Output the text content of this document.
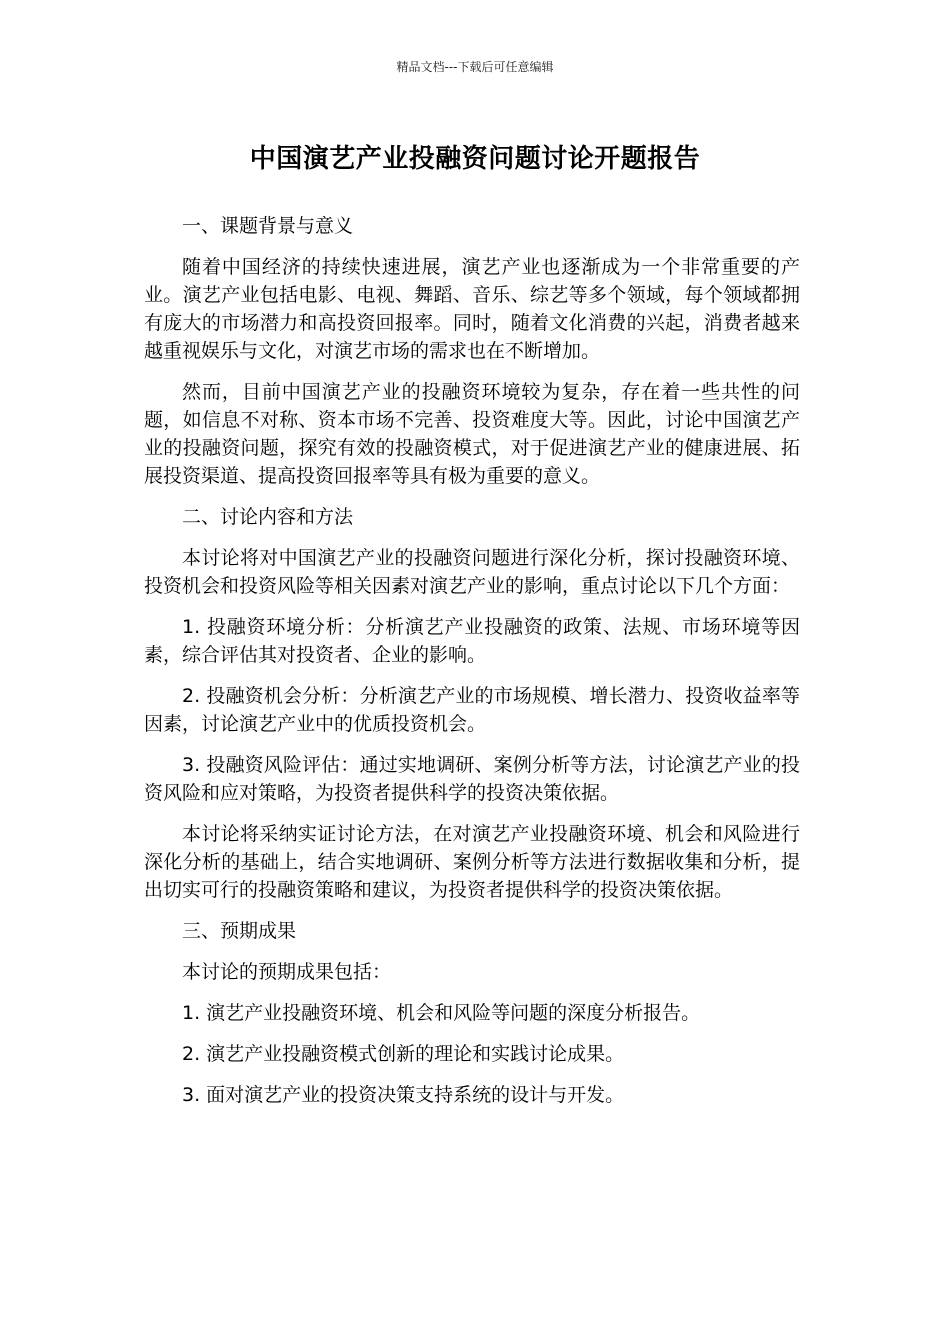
精品文档---下载后可任意编辑
中国演艺产业投融资问题讨论开题报告

一、课题背景与意义

随着中国经济的持续快速进展，演艺产业也逐渐成为一个非常重要的产业。演艺产业包括电影、电视、舞蹈、音乐、综艺等多个领域，每个领域都拥有庞大的市场潜力和高投资回报率。同时，随着文化消费的兴起，消费者越来越重视娱乐与文化，对演艺市场的需求也在不断增加。

然而，目前中国演艺产业的投融资环境较为复杂，存在着一些共性的问题，如信息不对称、资本市场不完善、投资难度大等。因此，讨论中国演艺产业的投融资问题，探究有效的投融资模式，对于促进演艺产业的健康进展、拓展投资渠道、提高投资回报率等具有极为重要的意义。

二、讨论内容和方法

本讨论将对中国演艺产业的投融资问题进行深化分析，探讨投融资环境、投资机会和投资风险等相关因素对演艺产业的影响，重点讨论以下几个方面：

1. 投融资环境分析：分析演艺产业投融资的政策、法规、市场环境等因素，综合评估其对投资者、企业的影响。

2. 投融资机会分析：分析演艺产业的市场规模、增长潜力、投资收益率等因素，讨论演艺产业中的优质投资机会。

3. 投融资风险评估：通过实地调研、案例分析等方法，讨论演艺产业的投资风险和应对策略，为投资者提供科学的投资决策依据。

本讨论将采纳实证讨论方法，在对演艺产业投融资环境、机会和风险进行深化分析的基础上，结合实地调研、案例分析等方法进行数据收集和分析，提出切实可行的投融资策略和建议，为投资者提供科学的投资决策依据。

三、预期成果

本讨论的预期成果包括：

1. 演艺产业投融资环境、机会和风险等问题的深度分析报告。

2. 演艺产业投融资模式创新的理论和实践讨论成果。

3. 面对演艺产业的投资决策支持系统的设计与开发。
